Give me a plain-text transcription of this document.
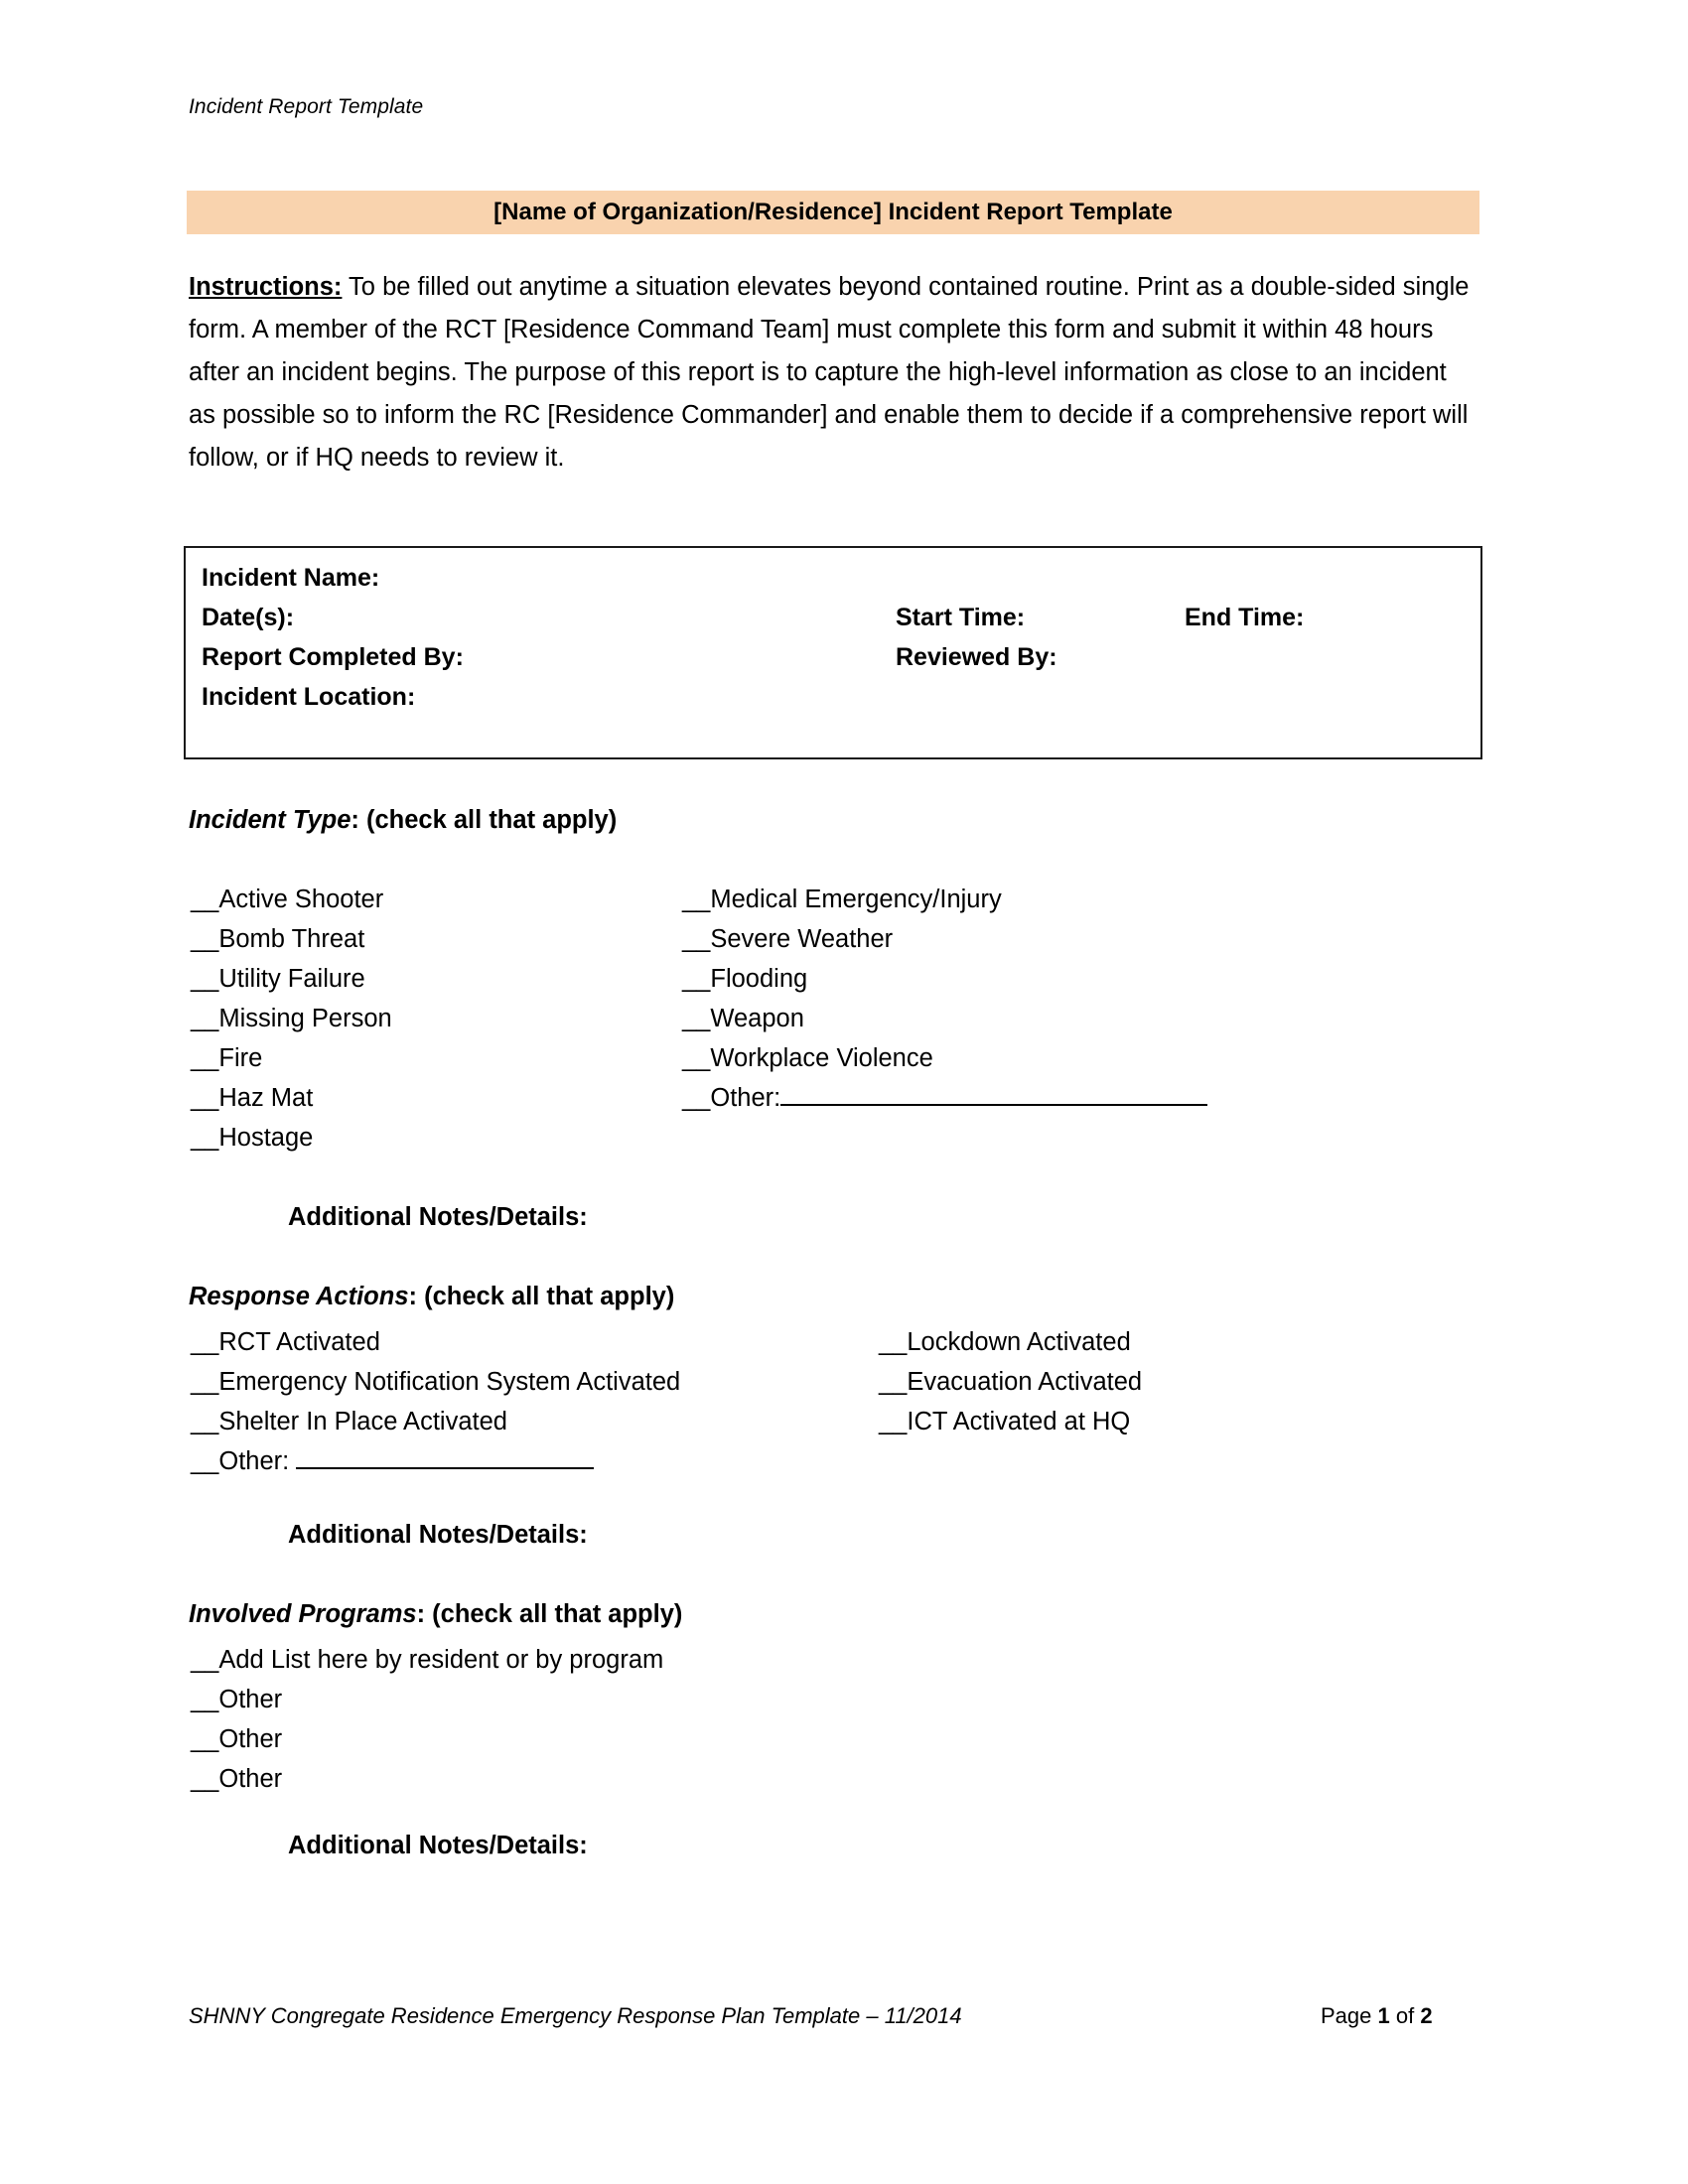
Incident Report Template
[Name of Organization/Residence] Incident Report Template
Instructions: To be filled out anytime a situation elevates beyond contained routine. Print as a double-sided single form. A member of the RCT [Residence Command Team] must complete this form and submit it within 48 hours after an incident begins. The purpose of this report is to capture the high-level information as close to an incident as possible so to inform the RC [Residence Commander] and enable them to decide if a comprehensive report will follow, or if HQ needs to review it.
Incident Name:
Date(s):	Start Time:	End Time:
Report Completed By:	Reviewed By:
Incident Location:
Incident Type: (check all that apply)
__Active Shooter
__Bomb Threat
__Utility Failure
__Missing Person
__Fire
__Haz Mat
__Hostage
__Medical Emergency/Injury
__Severe Weather
__Flooding
__Weapon
__Workplace Violence
__Other:
Additional Notes/Details:
Response Actions: (check all that apply)
__RCT Activated
__Emergency Notification System Activated
__Shelter In Place Activated
__Other:
__Lockdown Activated
__Evacuation Activated
__ICT Activated at HQ
Additional Notes/Details:
Involved Programs: (check all that apply)
__Add List here by resident or by program
__Other
__Other
__Other
Additional Notes/Details:
SHNNY Congregate Residence Emergency Response Plan Template – 11/2014	Page 1 of 2
